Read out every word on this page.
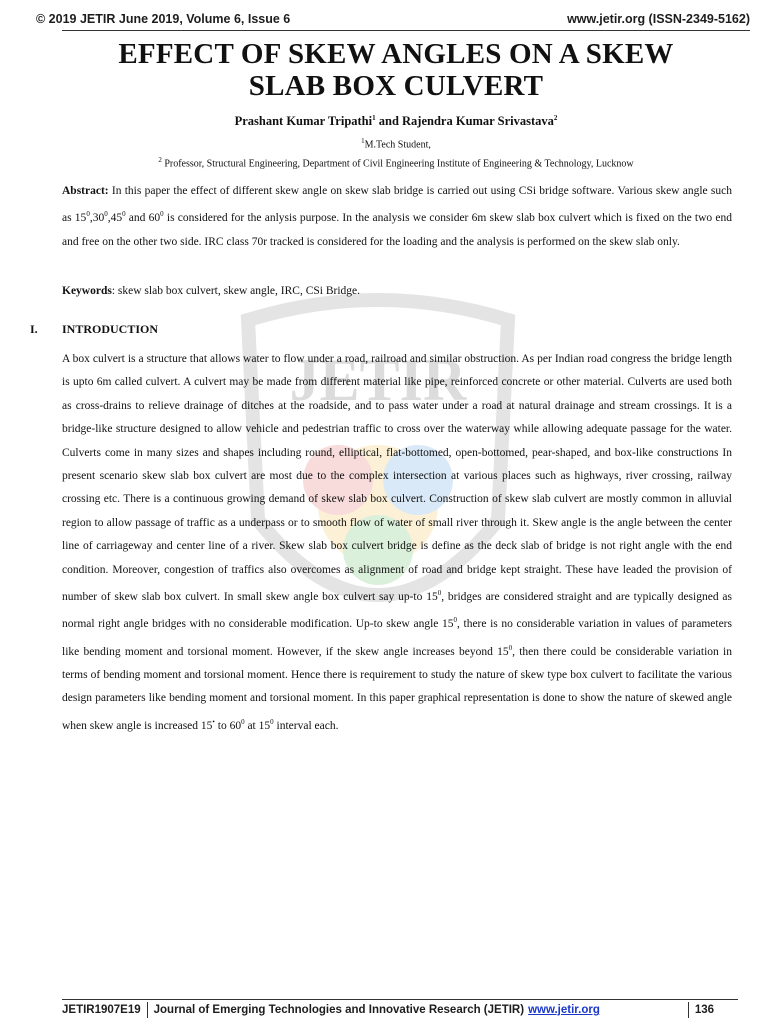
© 2019 JETIR June 2019, Volume 6, Issue 6	www.jetir.org (ISSN-2349-5162)
JETIR
EFFECT OF SKEW ANGLES ON A SKEW
SLAB BOX CULVERT
Prashant Kumar Tripathi$^1$ and Rajendra Kumar Srivastava$^2$
$^1$M.Tech Student,
$^2$ Professor, Structural Engineering, Department of Civil Engineering Institute of Engineering & Technology, Lucknow
Abstract: In this paper the effect of different skew angle on skew slab bridge is carried out using CSi bridge software. Various skew angle such as $15^0,30^0,45^0$ and $60^0$ is considered for the anlysis purpose. In the analysis we consider 6m skew slab box culvert which is fixed on the two end and free on the other two side. IRC class 70r tracked is considered for the loading and the analysis is performed on the skew slab only.
Keywords: skew slab box culvert, skew angle, IRC, CSi Bridge.
I. INTRODUCTION
A box culvert is a structure that allows water to flow under a road, railroad and similar obstruction. As per Indian road congress the bridge length is upto 6m called culvert. A culvert may be made from different material like pipe, reinforced concrete or other material. Culverts are used both as cross-drains to relieve drainage of ditches at the roadside, and to pass water under a road at natural drainage and stream crossings. It is a bridge-like structure designed to allow vehicle and pedestrian traffic to cross over the waterway while allowing adequate passage for the water. Culverts come in many sizes and shapes including round, elliptical, flat-bottomed, open-bottomed, pear-shaped, and box-like constructions In present scenario skew slab box culvert are most due to the complex intersection at various places such as highways, river crossing, railway crossing etc. There is a continuous growing demand of skew slab box culvert. Construction of skew slab culvert are mostly common in alluvial region to allow passage of traffic as a underpass or to smooth flow of water of small river through it. Skew angle is the angle between the center line of carriageway and center line of a river. Skew slab box culvert bridge is define as the deck slab of bridge is not right angle with the end condition. Moreover, congestion of traffics also overcomes as alignment of road and bridge kept straight. These have leaded the provision of number of skew slab box culvert. In small skew angle box culvert say up-to $15^0$, bridges are considered straight and are typically designed as normal right angle bridges with no considerable modification. Up-to skew angle $15^0$, there is no considerable variation in values of parameters like bending moment and torsional moment. However, if the skew angle increases beyond $15^0$, then there could be considerable variation in terms of bending moment and torsional moment. Hence there is requirement to study the nature of skew type box culvert to facilitate the various design parameters like bending moment and torsional moment. In this paper graphical representation is done to show the nature of skewed angle when skew angle is increased 15• to $60^0$ at $15^0$ interval each.
JETIR1907E19 Journal of Emerging Technologies and Innovative Research (JETIR) www.jetir.org	136
